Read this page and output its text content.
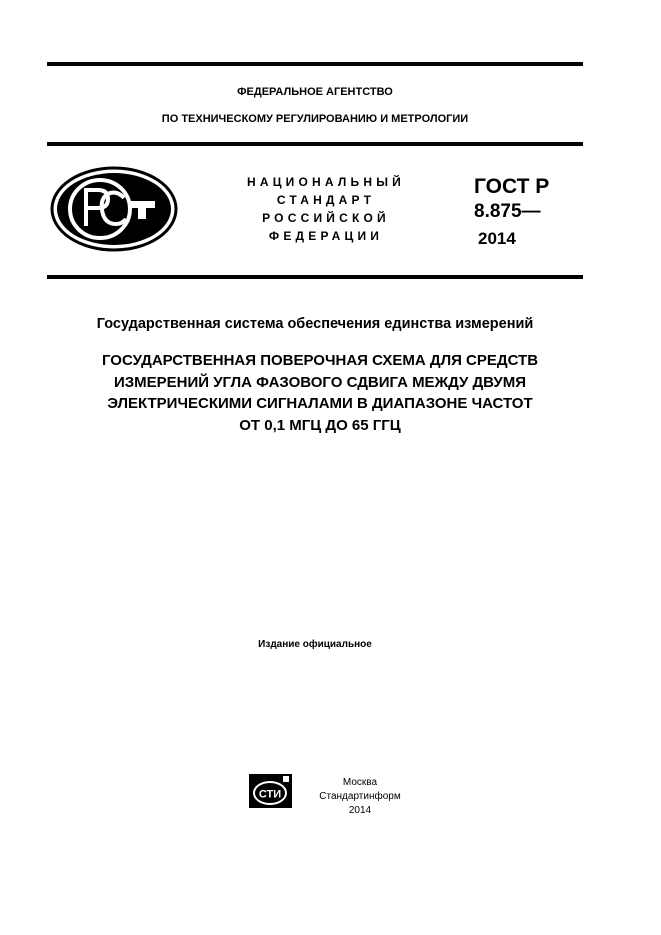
ФЕДЕРАЛЬНОЕ АГЕНТСТВО
ПО ТЕХНИЧЕСКОМУ РЕГУЛИРОВАНИЮ И МЕТРОЛОГИИ
НАЦИОНАЛЬНЫЙ
СТАНДАРТ
РОССИЙСКОЙ
ФЕДЕРАЦИИ
ГОСТ Р
8.875—
2014
Государственная система обеспечения единства измерений
ГОСУДАРСТВЕННАЯ ПОВЕРОЧНАЯ СХЕМА ДЛЯ СРЕДСТВ
ИЗМЕРЕНИЙ УГЛА ФАЗОВОГО СДВИГА МЕЖДУ ДВУМЯ
ЭЛЕКТРИЧЕСКИМИ СИГНАЛАМИ В ДИАПАЗОНЕ ЧАСТОТ
ОТ 0,1 МГЦ ДО 65 ГГЦ
Издание официальное
СТИ
Москва
Стандартинформ
2014
